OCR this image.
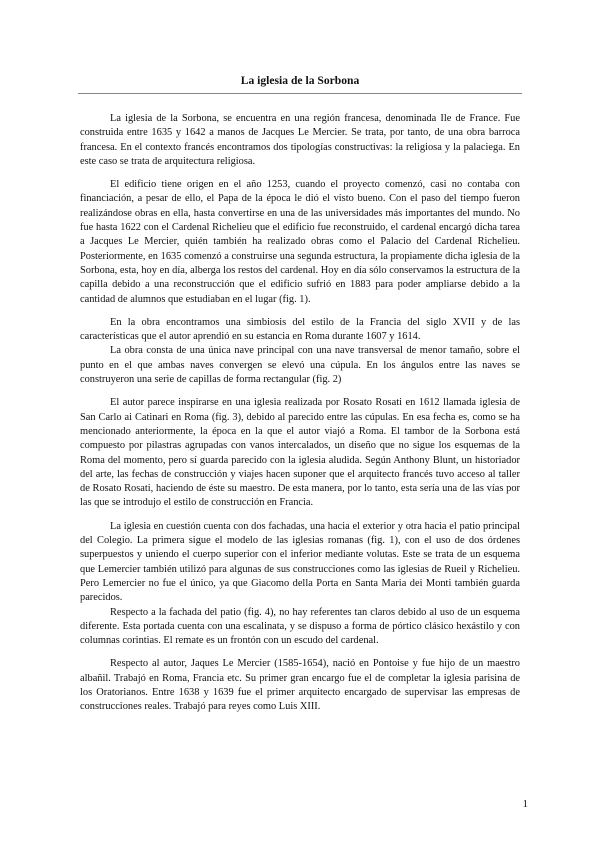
La iglesia de la Sorbona

La iglesia de la Sorbona, se encuentra en una región francesa, denominada Ile de France. Fue construida entre 1635 y 1642 a manos de Jacques Le Mercier. Se trata, por tanto, de una obra barroca francesa. En el contexto francés encontramos dos tipologías constructivas: la religiosa y la palaciega. En este caso se trata de arquitectura religiosa.

El edificio tiene origen en el año 1253, cuando el proyecto comenzó, casi no contaba con financiación, a pesar de ello, el Papa de la época le dió el visto bueno. Con el paso del tiempo fueron realizándose obras en ella, hasta convertirse en una de las universidades más importantes del mundo. No fue hasta 1622 con el Cardenal Richelieu que el edificio fue reconstruido, el cardenal encargó dicha tarea a Jacques Le Mercier, quién también ha realizado obras como el Palacio del Cardenal Richelieu. Posteriormente, en 1635 comenzó a construirse una segunda estructura, la propiamente dicha iglesia de la Sorbona, esta, hoy en día, alberga los restos del cardenal. Hoy en día sólo conservamos la estructura de la capilla debido a una reconstrucción que el edificio sufrió en 1883 para poder ampliarse debido a la cantidad de alumnos que estudiaban en el lugar (fig. 1).

En la obra encontramos una simbiosis del estilo de la Francia del siglo XVII y de las características que el autor aprendió en su estancia en Roma durante 1607 y 1614.

La obra consta de una única nave principal con una nave transversal de menor tamaño, sobre el punto en el que ambas naves convergen se elevó una cúpula. En los ángulos entre las naves se construyeron una serie de capillas de forma rectangular (fig. 2)

El autor parece inspirarse en una iglesia realizada por Rosato Rosati en 1612 llamada iglesia de San Carlo ai Catinari en Roma (fig. 3), debido al parecido entre las cúpulas. En esa fecha es, como se ha mencionado anteriormente, la época en la que el autor viajó a Roma. El tambor de la Sorbona está compuesto por pilastras agrupadas con vanos intercalados, un diseño que no sigue los esquemas de la Roma del momento, pero sí guarda parecido con la iglesia aludida. Según Anthony Blunt, un historiador del arte, las fechas de construcción y viajes hacen suponer que el arquitecto francés tuvo acceso al taller de Rosato Rosati, haciendo de éste su maestro. De esta manera, por lo tanto, esta sería una de las vías por las que se introdujo el estilo de construcción en Francia.

La iglesia en cuestión cuenta con dos fachadas, una hacia el exterior y otra hacia el patio principal del Colegio. La primera sigue el modelo de las iglesias romanas (fig. 1), con el uso de dos órdenes superpuestos y uniendo el cuerpo superior con el inferior mediante volutas. Este se trata de un esquema que Lemercier también utilizó para algunas de sus construcciones como las iglesias de Rueil y Richelieu. Pero Lemercier no fue el único, ya que Giacomo della Porta en Santa Maria dei Monti también guarda parecidos.

Respecto a la fachada del patio (fig. 4), no hay referentes tan claros debido al uso de un esquema diferente. Esta portada cuenta con una escalinata, y se dispuso a forma de pórtico clásico hexástilo y con columnas corintias. El remate es un frontón con un escudo del cardenal.

Respecto al autor, Jaques Le Mercier (1585-1654), nació en Pontoise y fue hijo de un maestro albañil. Trabajó en Roma, Francia etc. Su primer gran encargo fue el de completar la iglesia parisina de los Oratorianos. Entre 1638 y 1639 fue el primer arquitecto encargado de supervisar las empresas de construcciones reales. Trabajó para reyes como Luis XIII.

1
